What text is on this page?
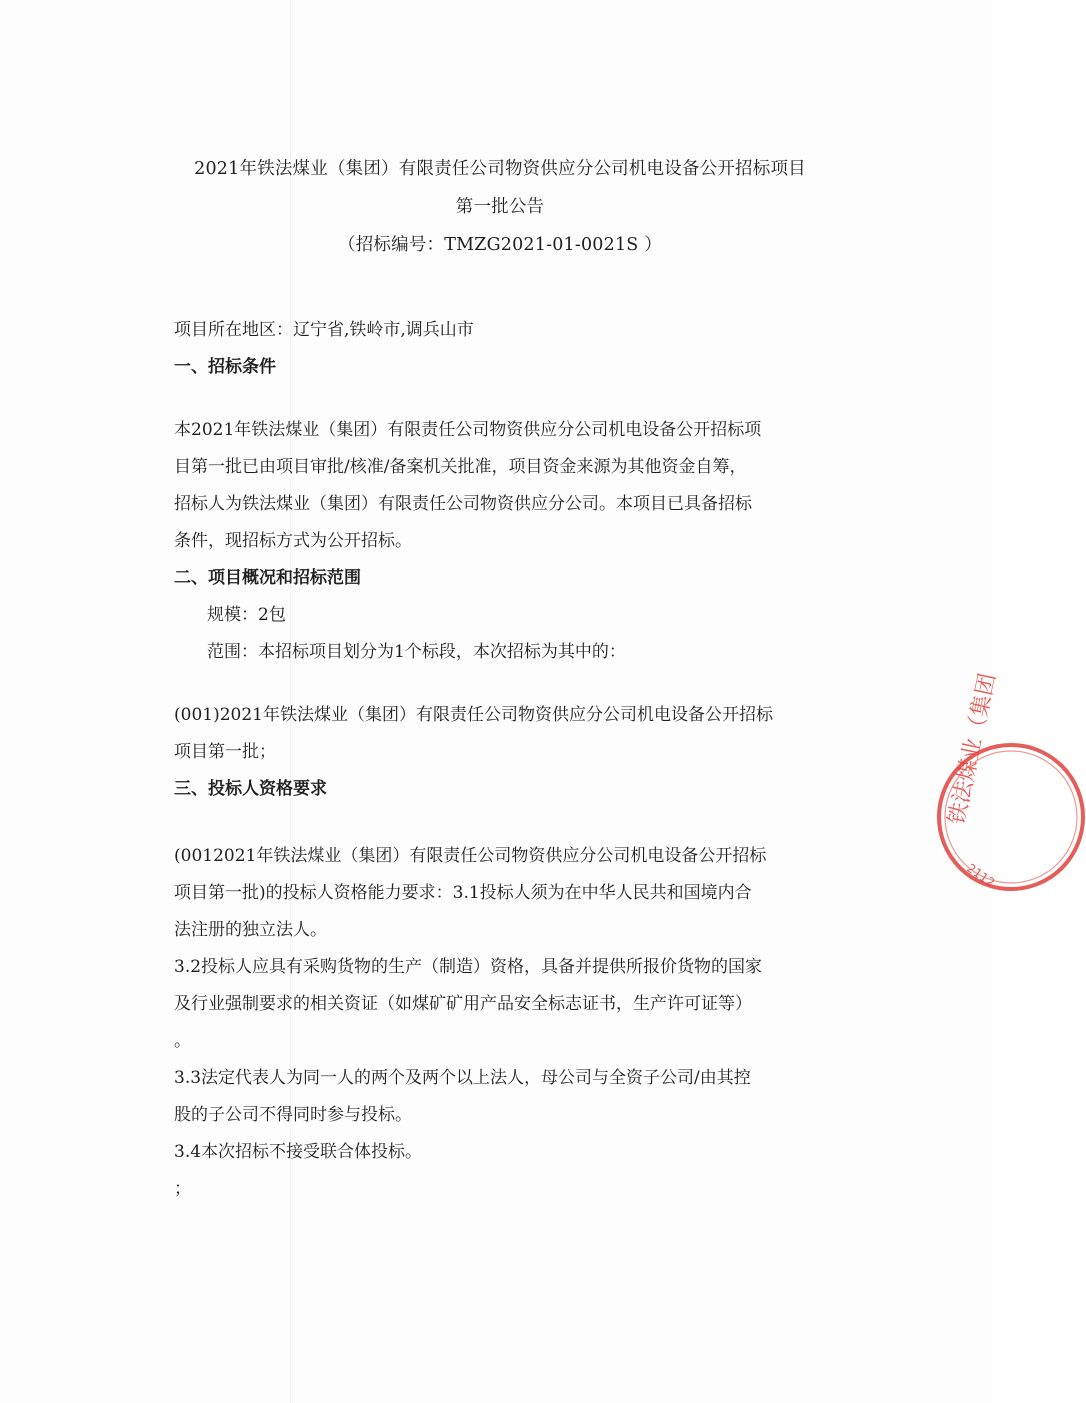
2021年铁法煤业（集团）有限责任公司物资供应分公司机电设备公开招标项目
第一批公告
（招标编号：TMZG2021-01-0021S ）

项目所在地区：辽宁省,铁岭市,调兵山市

一、招标条件

本2021年铁法煤业（集团）有限责任公司物资供应分公司机电设备公开招标项

目第一批已由项目审批/核准/备案机关批准，项目资金来源为其他资金自筹，

招标人为铁法煤业（集团）有限责任公司物资供应分公司。本项目已具备招标

条件，现招标方式为公开招标。

二、项目概况和招标范围

规模：2包

范围：本招标项目划分为1个标段，本次招标为其中的：

(001)2021年铁法煤业（集团）有限责任公司物资供应分公司机电设备公开招标

项目第一批；

三、投标人资格要求

(0012021年铁法煤业（集团）有限责任公司物资供应分公司机电设备公开招标

项目第一批)的投标人资格能力要求：3.1投标人须为在中华人民共和国境内合

法注册的独立法人。

3.2投标人应具有采购货物的生产（制造）资格，具备并提供所报价货物的国家

及行业强制要求的相关资证（如煤矿矿用产品安全标志证书，生产许可证等）

。

3.3法定代表人为同一人的两个及两个以上法人，母公司与全资子公司/由其控

股的子公司不得同时参与投标。

3.4本次招标不接受联合体投标。

；

铁法煤业（集团
2112
